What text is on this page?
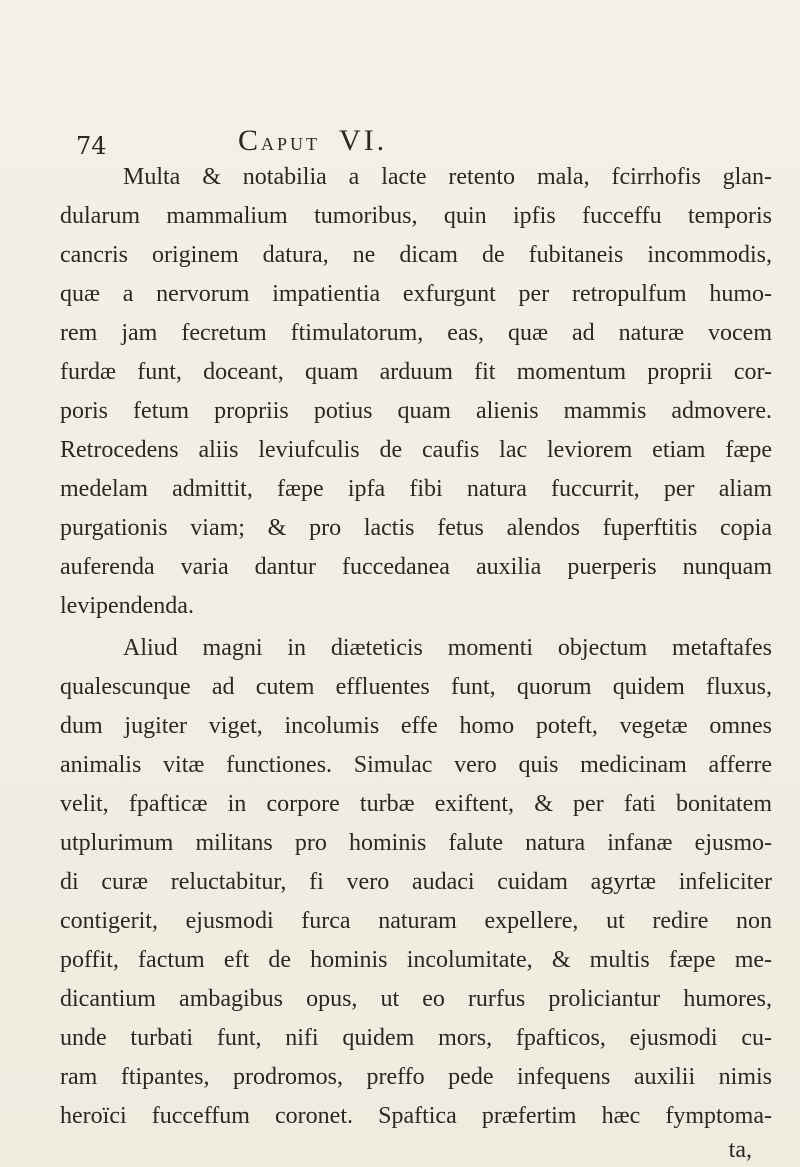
74	Caput VI.
Multa & notabilia a lacte retento mala, fcirrhofis glan-
dularum mammalium tumoribus, quin ipfis fucceffu temporis
cancris originem datura, ne dicam de fubitaneis incommodis,
quæ a nervorum impatientia exfurgunt per retropulfum humo-
rem jam fecretum ftimulatorum, eas, quæ ad naturæ vocem
furdæ funt, doceant, quam arduum fit momentum proprii cor-
poris fetum propriis potius quam alienis mammis admovere.
Retrocedens aliis leviufculis de caufis lac leviorem etiam fæpe
medelam admittit, fæpe ipfa fibi natura fuccurrit, per aliam
purgationis viam; & pro lactis fetus alendos fuperftitis copia
auferenda varia dantur fuccedanea auxilia puerperis nunquam
levipendenda.
Aliud magni in diæteticis momenti objectum metaftafes
qualescunque ad cutem effluentes funt, quorum quidem fluxus,
dum jugiter viget, incolumis effe homo poteft, vegetæ omnes
animalis vitæ functiones. Simulac vero quis medicinam afferre
velit, fpafticæ in corpore turbæ exiftent, & per fati bonitatem
utplurimum militans pro hominis falute natura infanæ ejusmo-
di curæ reluctabitur, fi vero audaci cuidam agyrtæ infeliciter
contigerit, ejusmodi furca naturam expellere, ut redire non
poffit, factum eft de hominis incolumitate, & multis fæpe me-
dicantium ambagibus opus, ut eo rurfus proliciantur humores,
unde turbati funt, nifi quidem mors, fpafticos, ejusmodi cu-
ram ftipantes, prodromos, preffo pede infequens auxilii nimis
heroïci fucceffum coronet. Spaftica præfertim hæc fymptoma-
ta,
